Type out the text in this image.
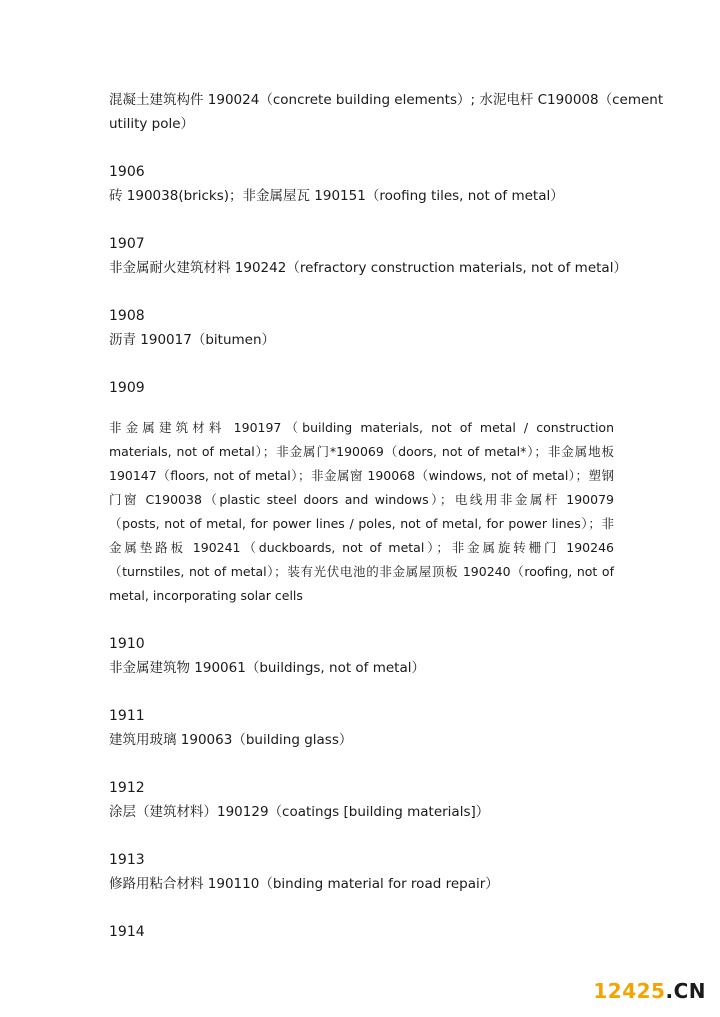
混凝土建筑构件 190024（concrete building elements）; 水泥电杆 C190008（cement
utility pole）
1906
砖 190038(bricks)；非金属屋瓦 190151（roofing tiles, not of metal）
1907
非金属耐火建筑材料 190242（refractory construction materials, not of metal）
1908
沥青 190017（bitumen）
1909
非金属建筑材料 190197（building materials, not of metal / construction materials, not of metal）；非金属门*190069（doors, not of metal*）；非金属地板 190147（floors, not of metal）；非金属窗 190068（windows, not of metal）；塑钢门窗 C190038（plastic steel doors and windows）；电线用非金属杆 190079（posts, not of metal, for power lines / poles, not of metal, for power lines）；非金属垫路板 190241（duckboards, not of metal）；非金属旋转栅门 190246（turnstiles, not of metal）；装有光伏电池的非金属屋顶板 190240（roofing, not of metal, incorporating solar cells
1910
非金属建筑物 190061（buildings, not of metal）
1911
建筑用玻璃 190063（building glass）
1912
涂层（建筑材料）190129（coatings [building materials]）
1913
修路用粘合材料 190110（binding material for road repair）
1914
12425.CN
